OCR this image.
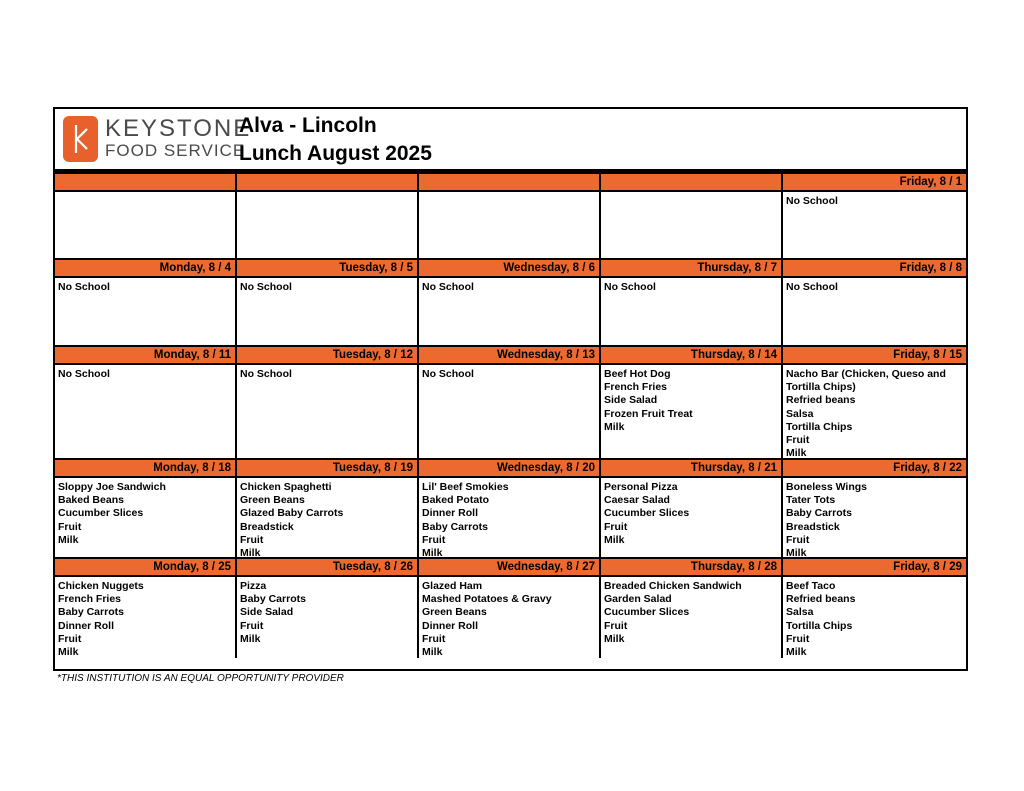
KEYSTONE
FOOD SERVICE
Alva - Lincoln
Lunch August 2025
Friday, 8 / 1
No School
Monday, 8 / 4
No School
Tuesday, 8 / 5
No School
Wednesday, 8 / 6
No School
Thursday, 8 / 7
No School
Friday, 8 / 8
No School
Monday, 8 / 11
No School
Tuesday, 8 / 12
No School
Wednesday, 8 / 13
No School
Thursday, 8 / 14
Beef Hot Dog
French Fries
Side Salad
Frozen Fruit Treat
Milk
Friday, 8 / 15
Nacho Bar (Chicken, Queso and Tortilla Chips)
Refried beans
Salsa
Tortilla Chips
Fruit
Milk
Monday, 8 / 18
Sloppy Joe Sandwich
Baked Beans
Cucumber Slices
Fruit
Milk
Tuesday, 8 / 19
Chicken Spaghetti
Green Beans
Glazed Baby Carrots
Breadstick
Fruit
Milk
Wednesday, 8 / 20
Lil' Beef Smokies
Baked Potato
Dinner Roll
Baby Carrots
Fruit
Milk
Thursday, 8 / 21
Personal Pizza
Caesar Salad
Cucumber Slices
Fruit
Milk
Friday, 8 / 22
Boneless Wings
Tater Tots
Baby Carrots
Breadstick
Fruit
Milk
Monday, 8 / 25
Chicken Nuggets
French Fries
Baby Carrots
Dinner Roll
Fruit
Milk
Tuesday, 8 / 26
Pizza
Baby Carrots
Side Salad
Fruit
Milk
Wednesday, 8 / 27
Glazed Ham
Mashed Potatoes & Gravy
Green Beans
Dinner Roll
Fruit
Milk
Thursday, 8 / 28
Breaded Chicken Sandwich
Garden Salad
Cucumber Slices
Fruit
Milk
Friday, 8 / 29
Beef Taco
Refried beans
Salsa
Tortilla Chips
Fruit
Milk
*THIS INSTITUTION IS AN EQUAL OPPORTUNITY PROVIDER
